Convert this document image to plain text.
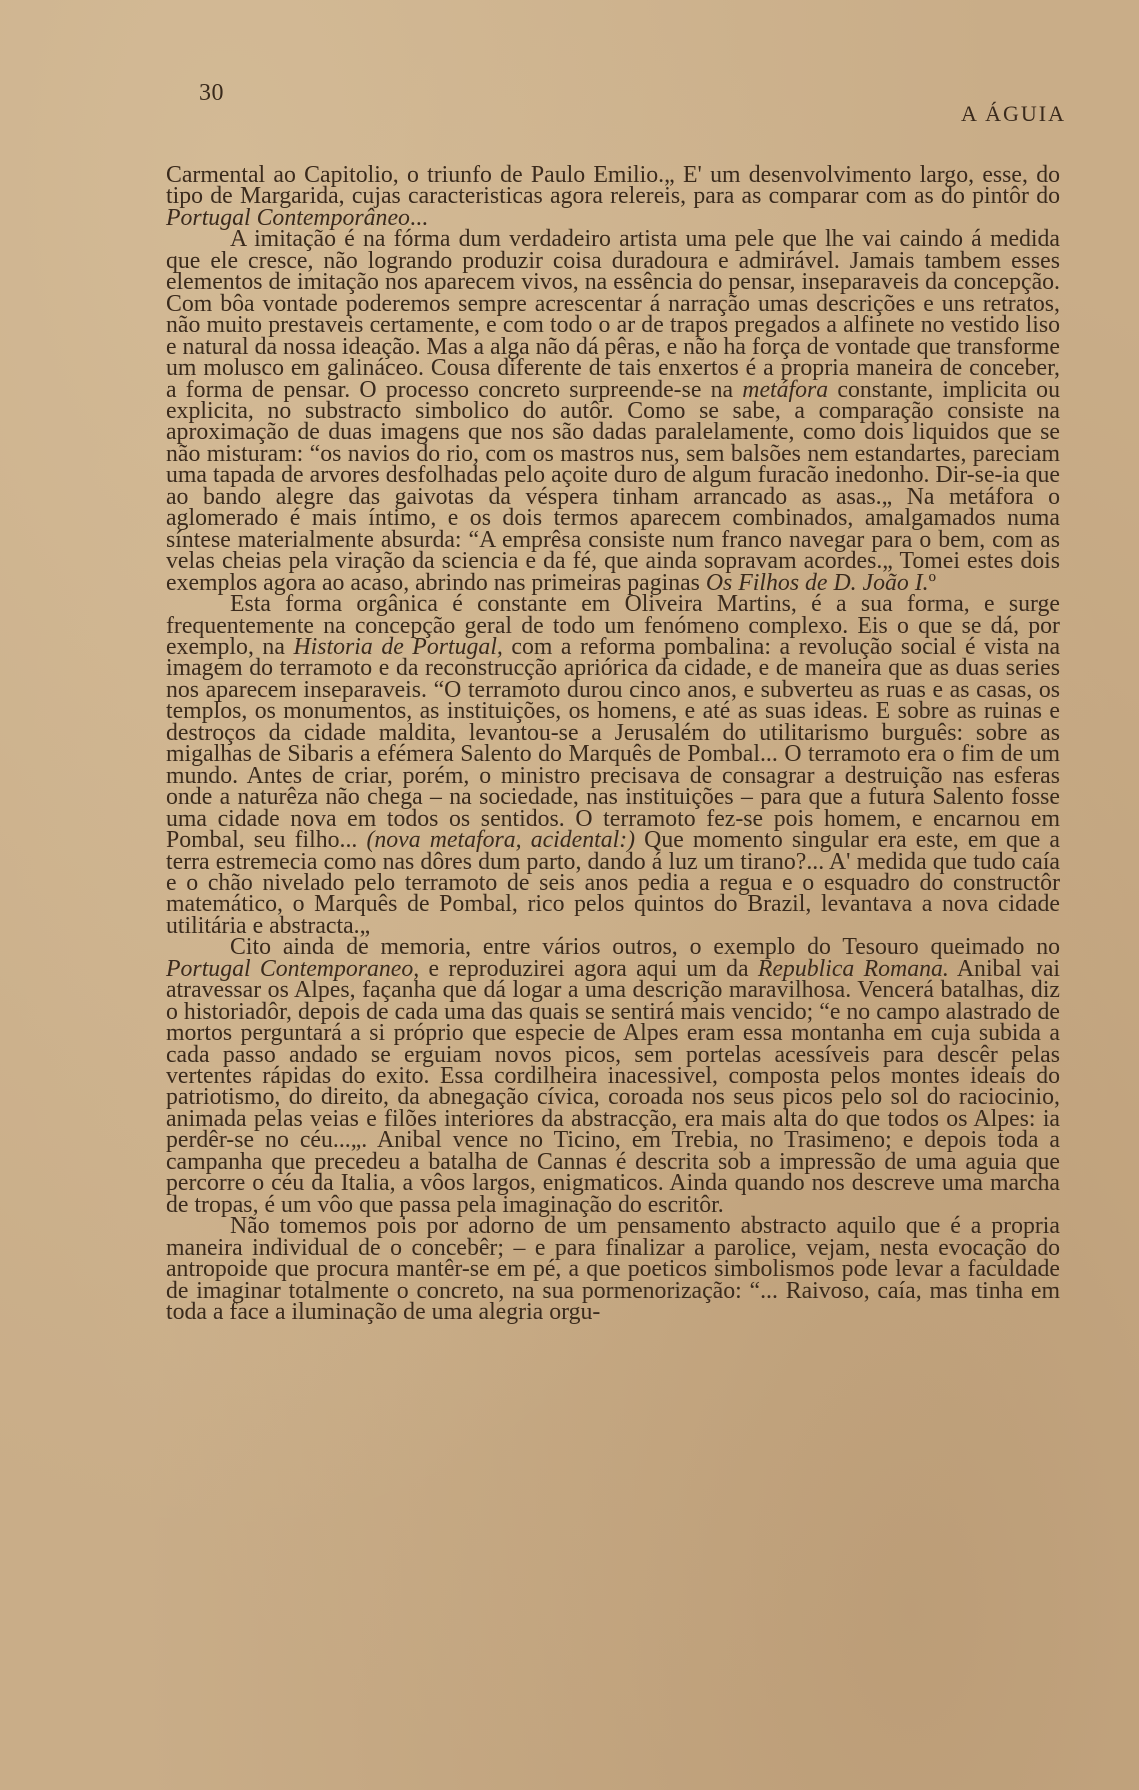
30
A ÁGUIA

Carmental ao Capitolio, o triunfo de Paulo Emilio.„ E' um desenvolvimento largo, esse, do tipo de Margarida, cujas caracteristicas agora relereis, para as comparar com as do pintôr do Portugal Contemporâneo...

A imitação é na fórma dum verdadeiro artista uma pele que lhe vai caindo á medida que ele cresce, não logrando produzir coisa duradoura e admirável. Jamais tambem esses elementos de imitação nos aparecem vivos, na essência do pensar, inseparaveis da concepção. Com bôa vontade poderemos sempre acrescentar á narração umas descrições e uns retratos, não muito prestaveis certamente, e com todo o ar de trapos pregados a alfinete no vestido liso e natural da nossa ideação. Mas a alga não dá pêras, e não ha força de vontade que transforme um molusco em galináceo. Cousa diferente de tais enxertos é a propria maneira de conceber, a forma de pensar. O processo concreto surpreende-se na metáfora constante, implicita ou explicita, no substracto simbolico do autôr. Como se sabe, a comparação consiste na aproximação de duas imagens que nos são dadas paralelamente, como dois liquidos que se não misturam: “os navios do rio, com os mastros nus, sem balsões nem estandartes, pareciam uma tapada de arvores desfolhadas pelo açoite duro de algum furacão inedonho. Dir-se-ia que ao bando alegre das gaivotas da véspera tinham arrancado as asas.„ Na metáfora o aglomerado é mais íntimo, e os dois termos aparecem combinados, amalgamados numa síntese materialmente absurda: “A emprêsa consiste num franco navegar para o bem, com as velas cheias pela viração da sciencia e da fé, que ainda sopravam acordes.„ Tomei estes dois exemplos agora ao acaso, abrindo nas primeiras paginas Os Filhos de D. João I.º

Esta forma orgânica é constante em Oliveira Martins, é a sua forma, e surge frequentemente na concepção geral de todo um fenómeno complexo. Eis o que se dá, por exemplo, na Historia de Portugal, com a reforma pombalina: a revolução social é vista na imagem do terramoto e da reconstrucção apriórica da cidade, e de maneira que as duas series nos aparecem inseparaveis. “O terramoto durou cinco anos, e subverteu as ruas e as casas, os templos, os monumentos, as instituições, os homens, e até as suas ideas. E sobre as ruinas e destroços da cidade maldita, levantou-se a Jerusalém do utilitarismo burguês: sobre as migalhas de Sibaris a efémera Salento do Marquês de Pombal... O terramoto era o fim de um mundo. Antes de criar, porém, o ministro precisava de consagrar a destruição nas esferas onde a naturêza não chega – na sociedade, nas instituições – para que a futura Salento fosse uma cidade nova em todos os sentidos. O terramoto fez-se pois homem, e encarnou em Pombal, seu filho... (nova metafora, acidental:) Que momento singular era este, em que a terra estremecia como nas dôres dum parto, dando á luz um tirano?... A' medida que tudo caía e o chão nivelado pelo terramoto de seis anos pedia a regua e o esquadro do constructôr matemático, o Marquês de Pombal, rico pelos quintos do Brazil, levantava a nova cidade utilitária e abstracta.„

Cito ainda de memoria, entre vários outros, o exemplo do Tesouro queimado no Portugal Contemporaneo, e reproduzirei agora aqui um da Republica Romana. Anibal vai atravessar os Alpes, façanha que dá logar a uma descrição maravilhosa. Vencerá batalhas, diz o historiadôr, depois de cada uma das quais se sentirá mais vencido; “e no campo alastrado de mortos perguntará a si próprio que especie de Alpes eram essa montanha em cuja subida a cada passo andado se erguiam novos picos, sem portelas acessíveis para descêr pelas vertentes rápidas do exito. Essa cordilheira inacessivel, composta pelos montes ideais do patriotismo, do direito, da abnegação cívica, coroada nos seus picos pelo sol do raciocinio, animada pelas veias e filões interiores da abstracção, era mais alta do que todos os Alpes: ia perdêr-se no céu...„. Anibal vence no Ticino, em Trebia, no Trasimeno; e depois toda a campanha que precedeu a batalha de Cannas é descrita sob a impressão de uma aguia que percorre o céu da Italia, a vôos largos, enigmaticos. Ainda quando nos descreve uma marcha de tropas, é um vôo que passa pela imaginação do escritôr.

Não tomemos pois por adorno de um pensamento abstracto aquilo que é a propria maneira individual de o concebêr; – e para finalizar a parolice, vejam, nesta evocação do antropoide que procura mantêr-se em pé, a que poeticos simbolismos pode levar a faculdade de imaginar totalmente o concreto, na sua pormenorização: “... Raivoso, caía, mas tinha em toda a face a iluminação de uma alegria orgu-
